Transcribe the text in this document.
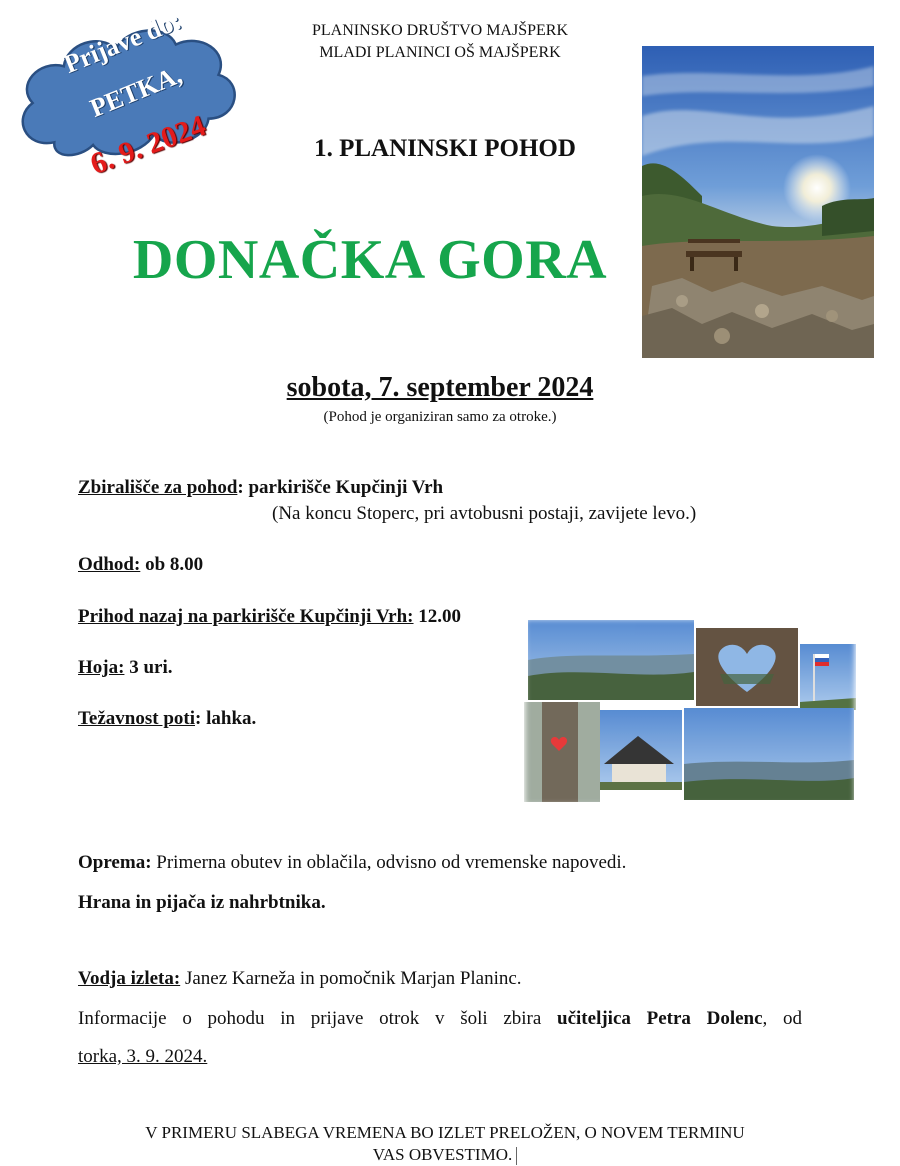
Prijave do:
PETKA,
6. 9. 2024
PLANINSKO DRUŠTVO MAJŠPERK
MLADI PLANINCI OŠ MAJŠPERK
1. PLANINSKI POHOD
DONAČKA GORA
sobota, 7. september 2024
(Pohod je organiziran samo za otroke.)
Zbirališče za pohod: parkirišče Kupčinji Vrh
(Na koncu Stoperc, pri avtobusni postaji, zavijete levo.)
Odhod: ob 8.00
Prihod nazaj na parkirišče Kupčinji Vrh: 12.00
Hoja: 3 uri.
Težavnost poti: lahka.
Oprema: Primerna obutev in oblačila, odvisno od vremenske napovedi.
Hrana in pijača iz nahrbtnika.
Vodja izleta: Janez Karneža in pomočnik Marjan Planinc.
Informacije o pohodu in prijave otrok v šoli zbira učiteljica Petra Dolenc, od
torka, 3. 9. 2024.
V PRIMERU SLABEGA VREMENA BO IZLET PRELOŽEN, O NOVEM TERMINU
VAS OBVESTIMO.
